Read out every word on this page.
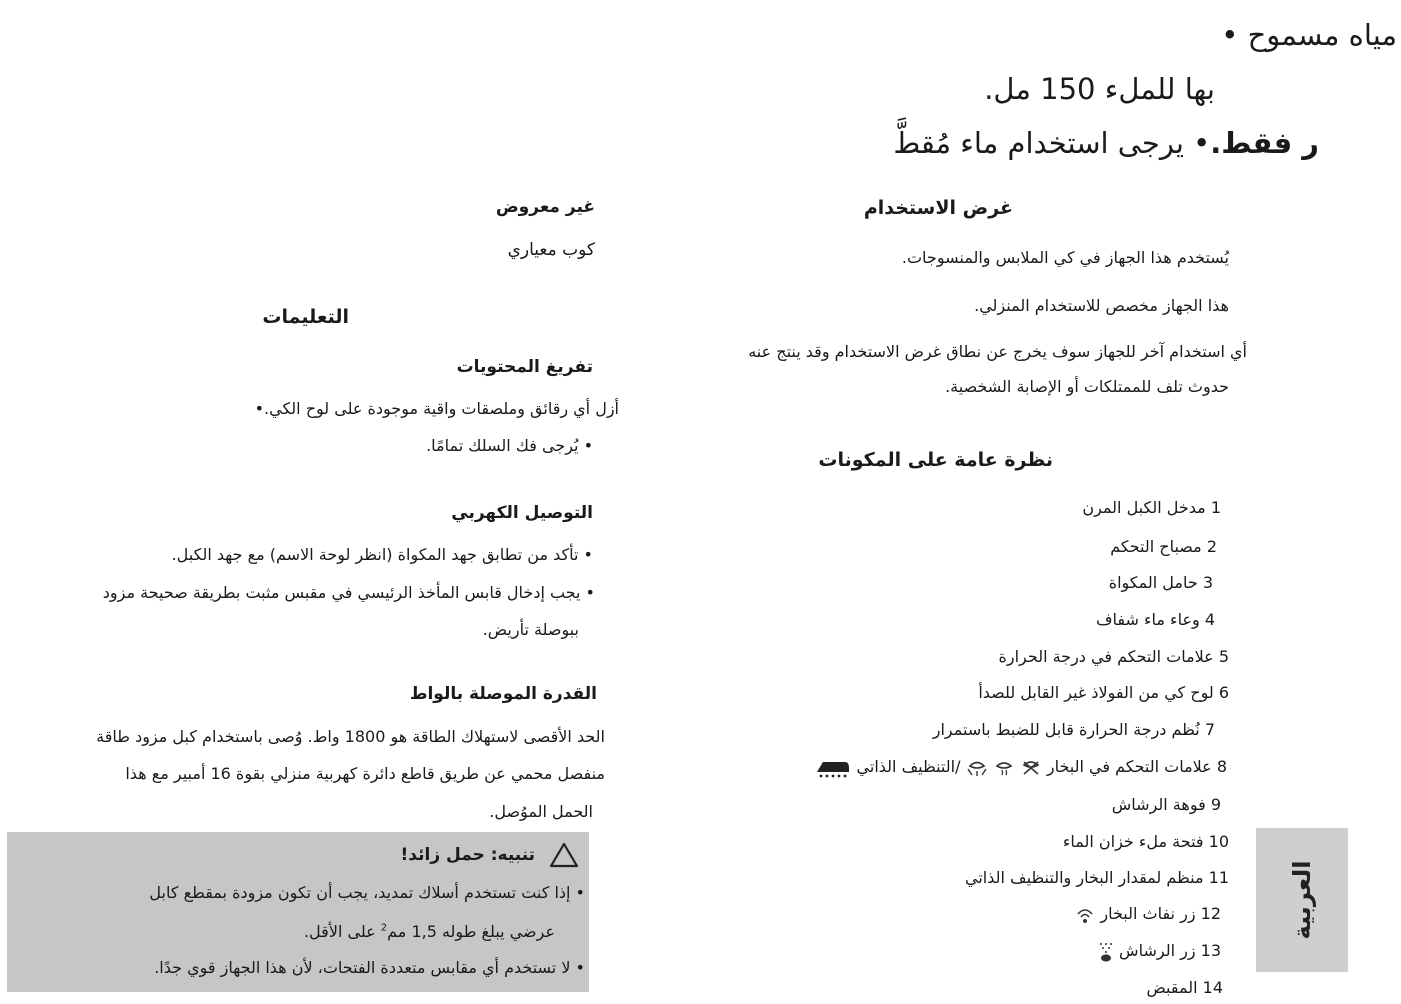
مياه مسموح •
بها للملء 150 مل.
ر فقط.• يرجى استخدام ماء مُقطَّ
غرض الاستخدام
يُستخدم هذا الجهاز في كي الملابس والمنسوجات.
هذا الجهاز مخصص للاستخدام المنزلي.
أي استخدام آخر للجهاز سوف يخرج عن نطاق غرض الاستخدام وقد ينتج عنه
حدوث تلف للممتلكات أو الإصابة الشخصية.
أزل أي رقائق وملصقات واقية موجودة على لوح الكي.•
نظرة عامة على المكونات
1 مدخل الكبل المرن
2 مصباح التحكم
3 حامل المكواة
4 وعاء ماء شفاف
5 علامات التحكم في درجة الحرارة
6 لوح كي من الفولاذ غير القابل للصدأ
7 نُظم درجة الحرارة قابل للضبط باستمرار
8 علامات التحكم في البخار    /التنظيف الذاتي
9 فوهة الرشاش
10 فتحة ملء خزان الماء
11 منظم لمقدار البخار والتنظيف الذاتي
12 زر نفاث البخار
13 زر الرشاش
14 المقبض
غير معروض
كوب معياري
التعليمات
تفريغ المحتويات
• يُرجى فك السلك تمامًا.
التوصيل الكهربي
• تأكد من تطابق جهد المكواة (انظر لوحة الاسم) مع جهد الكبل.
• يجب إدخال قابس المأخذ الرئيسي في مقبس مثبت بطريقة صحيحة مزود
ببوصلة تأريض.
القدرة الموصلة بالواط
الحد الأقصى لاستهلاك الطاقة هو 1800 واط. وُصى باستخدام كبل مزود طاقة
منفصل محمي عن طريق قاطع دائرة كهربية منزلي بقوة 16 أمبير مع هذا
الحمل الموُصل.
تنبيه: حمل زائد!
• إذا كنت تستخدم أسلاك تمديد، يجب أن تكون مزودة بمقطع كابل
عرضي يبلغ طوله 1,5 مم$^2$ على الأقل.
• لا تستخدم أي مقابس متعددة الفتحات، لأن هذا الجهاز قوي جدًا.
العربية
